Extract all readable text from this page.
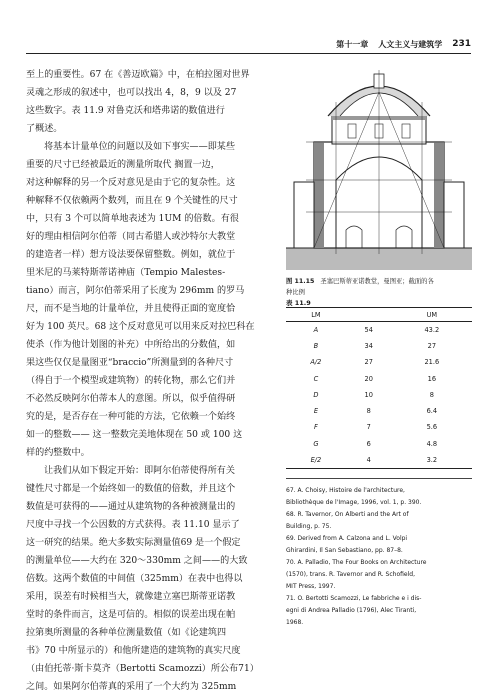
第十一章 人文主义与建筑学 231
至上的重要性。67 在《善迈欧篇》中，在柏拉图对世界
灵魂之形成的叙述中，也可以找出 4，8，9 以及 27
这些数字。表 11.9 对鲁克沃和塔弗诺的数值进行
了概述。
将基本计量单位的问题以及如下事实——即某些
重要的尺寸已经被最近的测量所取代 搁置一边，
对这种解释的另一个反对意见是由于它的复杂性。这
种解释不仅依赖两个数列，而且在 9 个关键性的尺寸
中，只有 3 个可以简单地表述为 1UM 的倍数。有很
好的理由相信阿尔伯蒂（同古希腊人或沙特尔大教堂
的建造者一样）想方设法要保留整数。例如，就位于
里米尼的马莱特斯蒂诺神庙（Tempio Malestes-
tiano）而言，阿尔伯蒂采用了长度为 296mm 的罗马
尺，而不是当地的计量单位，并且使得正面的宽度恰
好为 100 英尺。68 这个反对意见可以用来反对拉巴科在
使杀（作为他计划图的补充）中所给出的分数值，如
果这些仅仅是量图亚“braccio”所测量到的各种尺寸
（得自于一个模型或建筑物）的转化物，那么它们并
不必然反映阿尔伯蒂本人的意图。所以，似乎值得研
究的是，是否存在一种可能的方法，它依赖一个始终
如一的整数—— 这一整数完美地体现在 50 或 100 这
样的约整数中。
让我们从如下假定开始：即阿尔伯蒂使得所有关
键性尺寸都是一个始终如一的数值的倍数，并且这个
数值是可获得的——通过从建筑物的各种被测量出的
尺度中寻找一个公因数的方式获得。表 11.10 显示了
这一研究的结果。绝大多数实际测量值69 是一个假定
的测量单位——大约在 320～330mm 之间——的大致
倍数。这两个数值的中间值（325mm）在表中也得以
采用，误差有时候相当大，就像建立塞巴斯蒂亚诺教
堂时的条件而言，这是可信的。相似的误差出现在帕
拉第奥所测量的各种单位测量数值（如《论建筑四
书》70 中所显示的）和他所建造的建筑物的真实尺度
（由伯托蒂·斯卡莫齐（Bertotti Scamozzi）所公布71）
之间。如果阿尔伯蒂真的采用了一个大约为 325mm
图 11.15 圣塞巴斯蒂亚诺教堂，曼图亚；截面的各
种比例
表 11.9
LM		UM
A	54	43.2
B	34	27
A/2	27	21.6
C	20	16
D	10	8
E	8	6.4
F	7	5.6
G	6	4.8
E/2	4	3.2
67. A. Choisy, Histoire de l'architecture,
Bibliothèque de l'Image, 1996, vol. 1, p. 390.
68. R. Tavernor, On Alberti and the Art of
Building, p. 75.
69. Derived from A. Calzona and L. Volpi
Ghirardini, Il San Sebastiano, pp. 87–8.
70. A. Palladio, The Four Books on Architecture
(1570), trans. R. Tavernor and R. Schofield,
MIT Press, 1997.
71. O. Bertotti Scamozzi, Le fabbriche e i dis-
egni di Andrea Palladio (1796), Alec Tiranti,
1968.
